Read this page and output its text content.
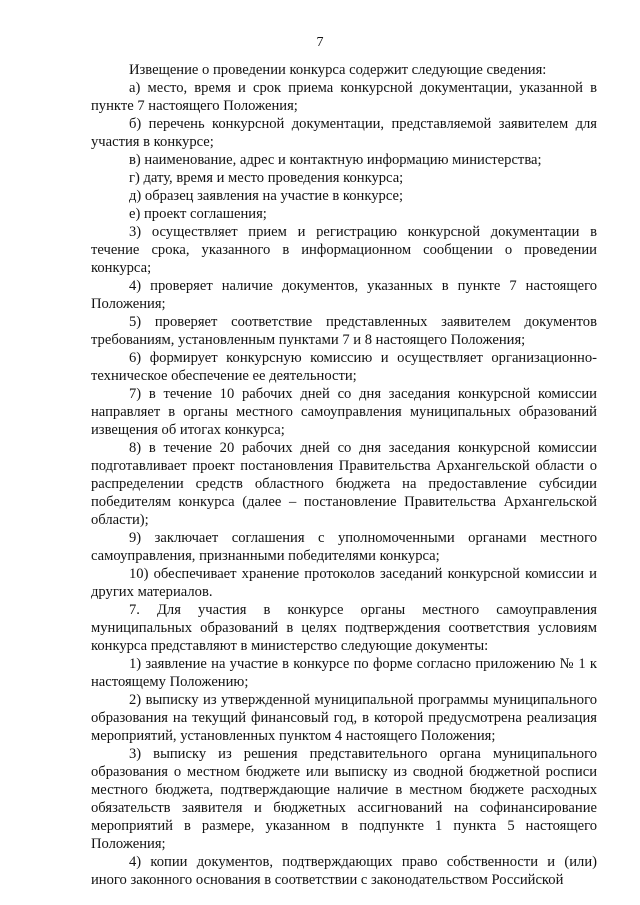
7

Извещение о проведении конкурса содержит следующие сведения:

а) место, время и срок приема конкурсной документации, указанной в пункте 7 настоящего Положения;

б) перечень конкурсной документации, представляемой заявителем для участия в конкурсе;

в) наименование, адрес и контактную информацию министерства;

г) дату, время и место проведения конкурса;

д) образец заявления на участие в конкурсе;

е) проект соглашения;

3) осуществляет прием и регистрацию конкурсной документации в течение срока, указанного в информационном сообщении о проведении конкурса;

4) проверяет наличие документов, указанных в пункте 7 настоящего Положения;

5) проверяет соответствие представленных заявителем документов требованиям, установленным пунктами 7 и 8 настоящего Положения;

6) формирует конкурсную комиссию и осуществляет организационно-техническое обеспечение ее деятельности;

7) в течение 10 рабочих дней со дня заседания конкурсной комиссии направляет в органы местного самоуправления муниципальных образований извещения об итогах конкурса;

8) в течение 20 рабочих дней со дня заседания конкурсной комиссии подготавливает проект постановления Правительства Архангельской области о распределении средств областного бюджета на предоставление субсидии победителям конкурса (далее – постановление Правительства Архангельской области);

9) заключает соглашения с уполномоченными органами местного самоуправления, признанными победителями конкурса;

10) обеспечивает хранение протоколов заседаний конкурсной комиссии и других материалов.

7. Для участия в конкурсе органы местного самоуправления муниципальных образований в целях подтверждения соответствия условиям конкурса представляют в министерство следующие документы:

1) заявление на участие в конкурсе по форме согласно приложению № 1 к настоящему Положению;

2) выписку из утвержденной муниципальной программы муниципального образования на текущий финансовый год, в которой предусмотрена реализация мероприятий, установленных пунктом 4 настоящего Положения;

3) выписку из решения представительного органа муниципального образования о местном бюджете или выписку из сводной бюджетной росписи местного бюджета, подтверждающие наличие в местном бюджете расходных обязательств заявителя и бюджетных ассигнований на софинансирование мероприятий в размере, указанном в подпункте 1 пункта 5 настоящего Положения;

4) копии документов, подтверждающих право собственности и (или) иного законного основания в соответствии с законодательством Российской
